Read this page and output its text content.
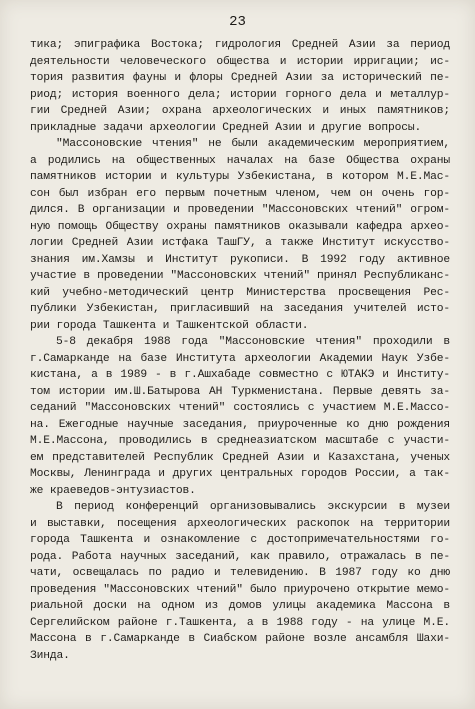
23
тика; эпиграфика Востока; гидрология Средней Азии за период
деятельности человеческого общества и истории ирригации; ис-
тория развития фауны и флоры Средней Азии за исторический пе-
риод; история военного дела; истории горного дела и металлур-
гии Средней Азии; охрана археологических и иных памятников;
прикладные задачи археологии Средней Азии и другие вопросы.
"Массоновские чтения" не были академическим мероприятием,
а родились на общественных началах на базе Общества охраны
памятников истории и культуры Узбекистана, в котором М.Е.Мас-
сон был избран его первым почетным членом, чем он очень гор-
дился. В организации и проведении "Массоновских чтений" огром-
ную помощь Обществу охраны памятников оказывали кафедра архео-
логии Средней Азии истфака ТашГУ, а также Институт искусство-
знания им.Хамзы и Институт рукописи. В 1992 году активное
участие в проведении "Массоновских чтений" принял Республиканс-
кий учебно-методический центр Министерства просвещения Рес-
публики Узбекистан, пригласивший на заседания учителей исто-
рии города Ташкента и Ташкентской области.
5-8 декабря 1988 года "Массоновские чтения" проходили в
г.Самарканде на базе Института археологии Академии Наук Узбе-
кистана, а в 1989 - в г.Ашхабаде совместно с ЮТАКЭ и Институ-
том истории им.Ш.Батырова АН Туркменистана. Первые девять за-
седаний "Массоновских чтений" состоялись с участием М.Е.Массо-
на. Ежегодные научные заседания, приуроченные ко дню рождения
М.Е.Массона, проводились в среднеазиатском масштабе с участи-
ем представителей Республик Средней Азии и Казахстана, ученых
Москвы, Ленинграда и других центральных городов России, а так-
же краеведов-энтузиастов.
В период конференций организовывались экскурсии в музеи
и выставки, посещения археологических раскопок на территории
города Ташкента и ознакомление с достопримечательностями го-
рода. Работа научных заседаний, как правило, отражалась в пе-
чати, освещалась по радио и телевидению. В 1987 году ко дню
проведения "Массоновских чтений" было приурочено открытие мемо-
риальной доски на одном из домов улицы академика Массона в
Сергелийском районе г.Ташкента, а в 1988 году - на улице М.Е.
Массона в г.Самарканде в Сиабском районе возле ансамбля Шахи-
Зинда.
